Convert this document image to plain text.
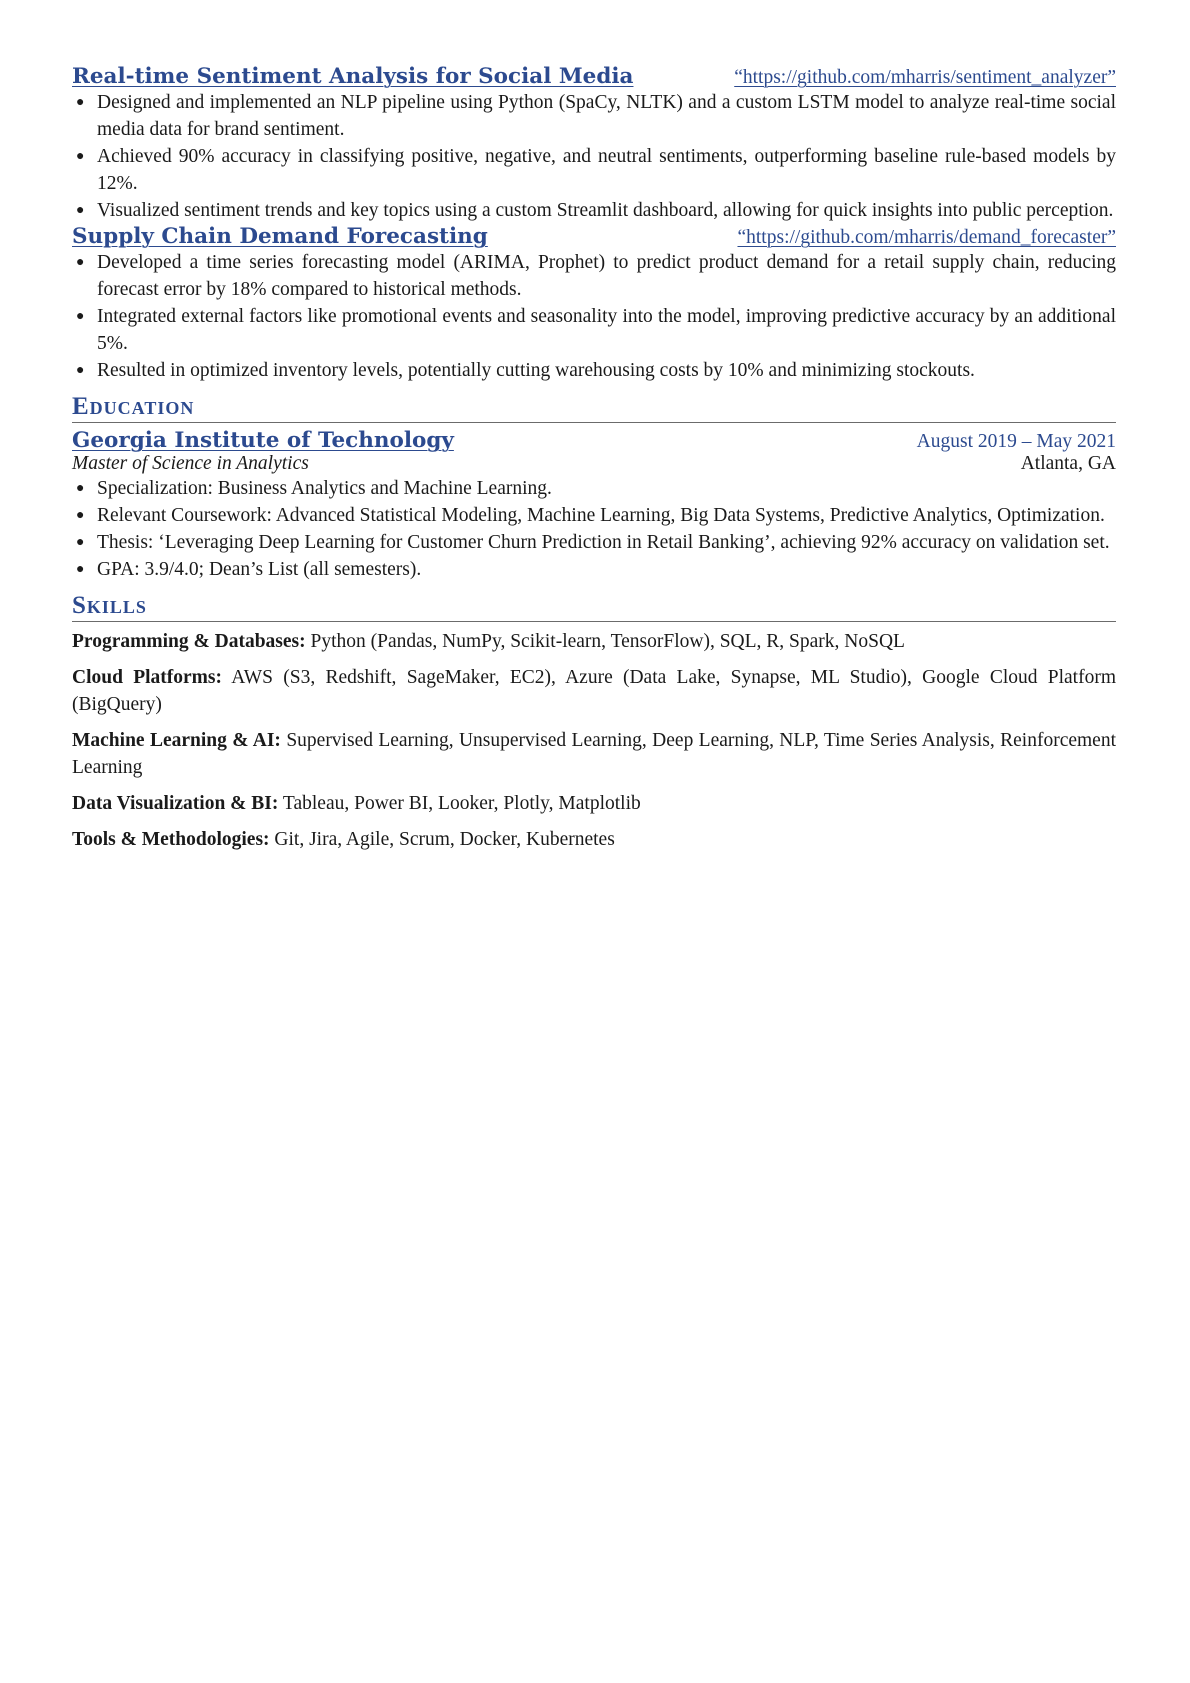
Real-time Sentiment Analysis for Social Media	“https://github.com/mharris/sentiment_analyzer”
● Designed and implemented an NLP pipeline using Python (SpaCy, NLTK) and a custom LSTM model to analyze real-time social media data for brand sentiment.
● Achieved 90% accuracy in classifying positive, negative, and neutral sentiments, outperforming baseline rule-based models by 12%.
● Visualized sentiment trends and key topics using a custom Streamlit dashboard, allowing for quick insights into public perception.
Supply Chain Demand Forecasting	“https://github.com/mharris/demand_forecaster”
● Developed a time series forecasting model (ARIMA, Prophet) to predict product demand for a retail supply chain, reducing forecast error by 18% compared to historical methods.
● Integrated external factors like promotional events and seasonality into the model, improving predictive accuracy by an additional 5%.
● Resulted in optimized inventory levels, potentially cutting warehousing costs by 10% and minimizing stockouts.
Education
Georgia Institute of Technology	August 2019 – May 2021
Master of Science in Analytics	Atlanta, GA
● Specialization: Business Analytics and Machine Learning.
● Relevant Coursework: Advanced Statistical Modeling, Machine Learning, Big Data Systems, Predictive Analytics, Optimization.
● Thesis: ‘Leveraging Deep Learning for Customer Churn Prediction in Retail Banking’, achieving 92% accuracy on validation set.
● GPA: 3.9/4.0; Dean’s List (all semesters).
Skills
Programming & Databases: Python (Pandas, NumPy, Scikit-learn, TensorFlow), SQL, R, Spark, NoSQL
Cloud Platforms: AWS (S3, Redshift, SageMaker, EC2), Azure (Data Lake, Synapse, ML Studio), Google Cloud Platform (BigQuery)
Machine Learning & AI: Supervised Learning, Unsupervised Learning, Deep Learning, NLP, Time Series Analysis, Reinforcement Learning
Data Visualization & BI: Tableau, Power BI, Looker, Plotly, Matplotlib
Tools & Methodologies: Git, Jira, Agile, Scrum, Docker, Kubernetes
